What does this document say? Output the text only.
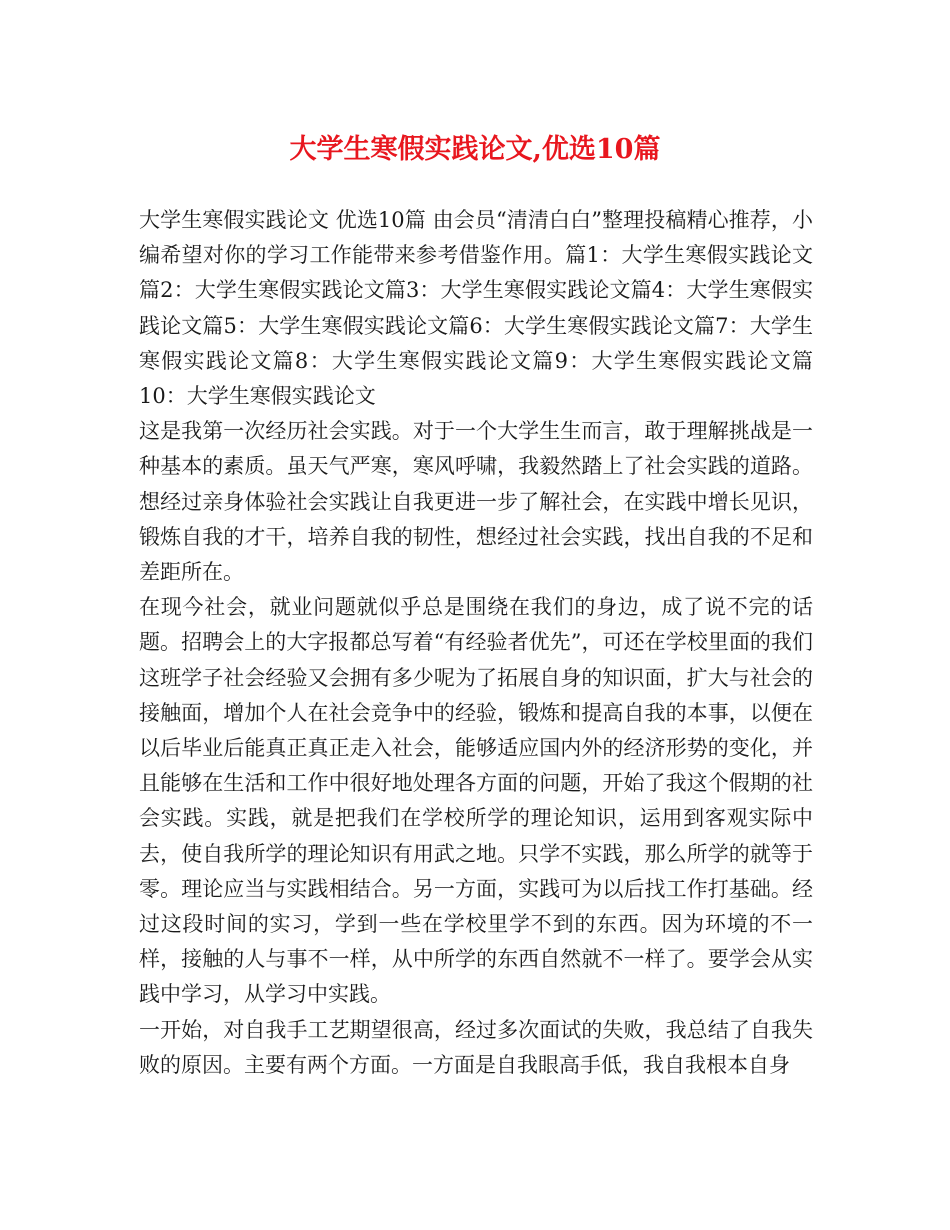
大学生寒假实践论文,优选10篇

大学生寒假实践论文 优选10篇 由会员“清清白白”整理投稿精心推荐，小编希望对你的学习工作能带来参考借鉴作用。篇1：大学生寒假实践论文篇2：大学生寒假实践论文篇3：大学生寒假实践论文篇4：大学生寒假实践论文篇5：大学生寒假实践论文篇6：大学生寒假实践论文篇7：大学生寒假实践论文篇8：大学生寒假实践论文篇9：大学生寒假实践论文篇10：大学生寒假实践论文

这是我第一次经历社会实践。对于一个大学生生而言，敢于理解挑战是一种基本的素质。虽天气严寒，寒风呼啸，我毅然踏上了社会实践的道路。想经过亲身体验社会实践让自我更进一步了解社会，在实践中增长见识，锻炼自我的才干，培养自我的韧性，想经过社会实践，找出自我的不足和差距所在。

在现今社会，就业问题就似乎总是围绕在我们的身边，成了说不完的话题。招聘会上的大字报都总写着“有经验者优先”，可还在学校里面的我们这班学子社会经验又会拥有多少呢为了拓展自身的知识面，扩大与社会的接触面，增加个人在社会竞争中的经验，锻炼和提高自我的本事，以便在以后毕业后能真正真正走入社会，能够适应国内外的经济形势的变化，并且能够在生活和工作中很好地处理各方面的问题，开始了我这个假期的社会实践。实践，就是把我们在学校所学的理论知识，运用到客观实际中去，使自我所学的理论知识有用武之地。只学不实践，那么所学的就等于零。理论应当与实践相结合。另一方面，实践可为以后找工作打基础。经过这段时间的实习，学到一些在学校里学不到的东西。因为环境的不一样，接触的人与事不一样，从中所学的东西自然就不一样了。要学会从实践中学习，从学习中实践。

一开始，对自我手工艺期望很高，经过多次面试的失败，我总结了自我失败的原因。主要有两个方面。一方面是自我眼高手低，我自我根本自身
